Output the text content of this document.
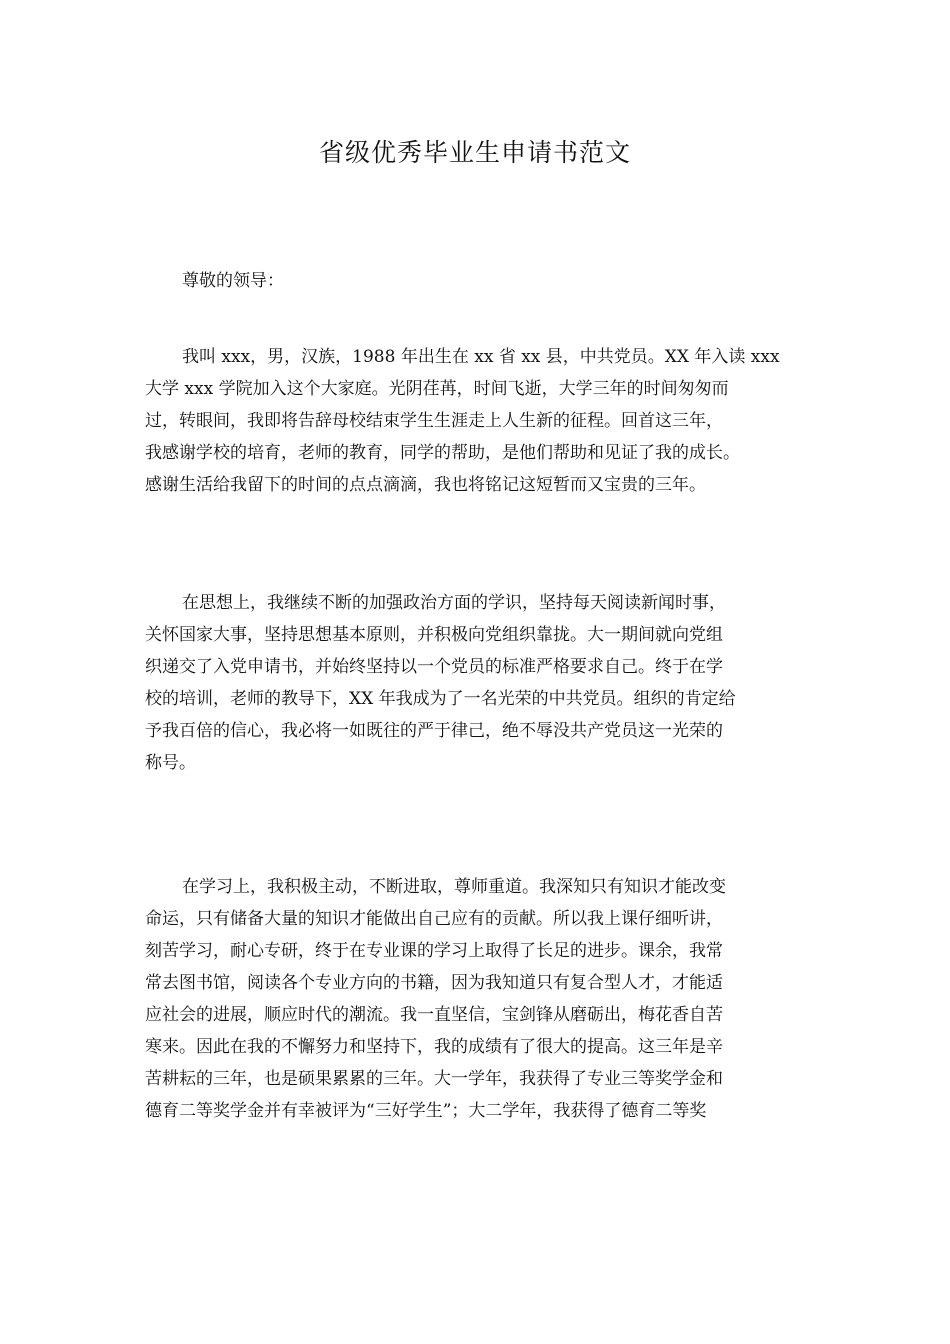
省级优秀毕业生申请书范文

尊敬的领导：

我叫 xxx，男，汉族，1988 年出生在 xx 省 xx 县，中共党员。XX 年入读 xxx
大学 xxx 学院加入这个大家庭。光阴荏苒，时间飞逝，大学三年的时间匆匆而
过，转眼间，我即将告辞母校结束学生生涯走上人生新的征程。回首这三年，
我感谢学校的培育，老师的教育，同学的帮助，是他们帮助和见证了我的成长。
感谢生活给我留下的时间的点点滴滴，我也将铭记这短暂而又宝贵的三年。
在思想上，我继续不断的加强政治方面的学识，坚持每天阅读新闻时事，
关怀国家大事，坚持思想基本原则，并积极向党组织靠拢。大一期间就向党组
织递交了入党申请书，并始终坚持以一个党员的标准严格要求自己。终于在学
校的培训，老师的教导下，XX 年我成为了一名光荣的中共党员。组织的肯定给
予我百倍的信心，我必将一如既往的严于律己，绝不辱没共产党员这一光荣的
称号。
在学习上，我积极主动，不断进取，尊师重道。我深知只有知识才能改变
命运，只有储备大量的知识才能做出自己应有的贡献。所以我上课仔细听讲，
刻苦学习，耐心专研，终于在专业课的学习上取得了长足的进步。课余，我常
常去图书馆，阅读各个专业方向的书籍，因为我知道只有复合型人才，才能适
应社会的进展，顺应时代的潮流。我一直坚信，宝剑锋从磨砺出，梅花香自苦
寒来。因此在我的不懈努力和坚持下，我的成绩有了很大的提高。这三年是辛
苦耕耘的三年，也是硕果累累的三年。大一学年，我获得了专业三等奖学金和
德育二等奖学金并有幸被评为“三好学生”；大二学年，我获得了德育二等奖
